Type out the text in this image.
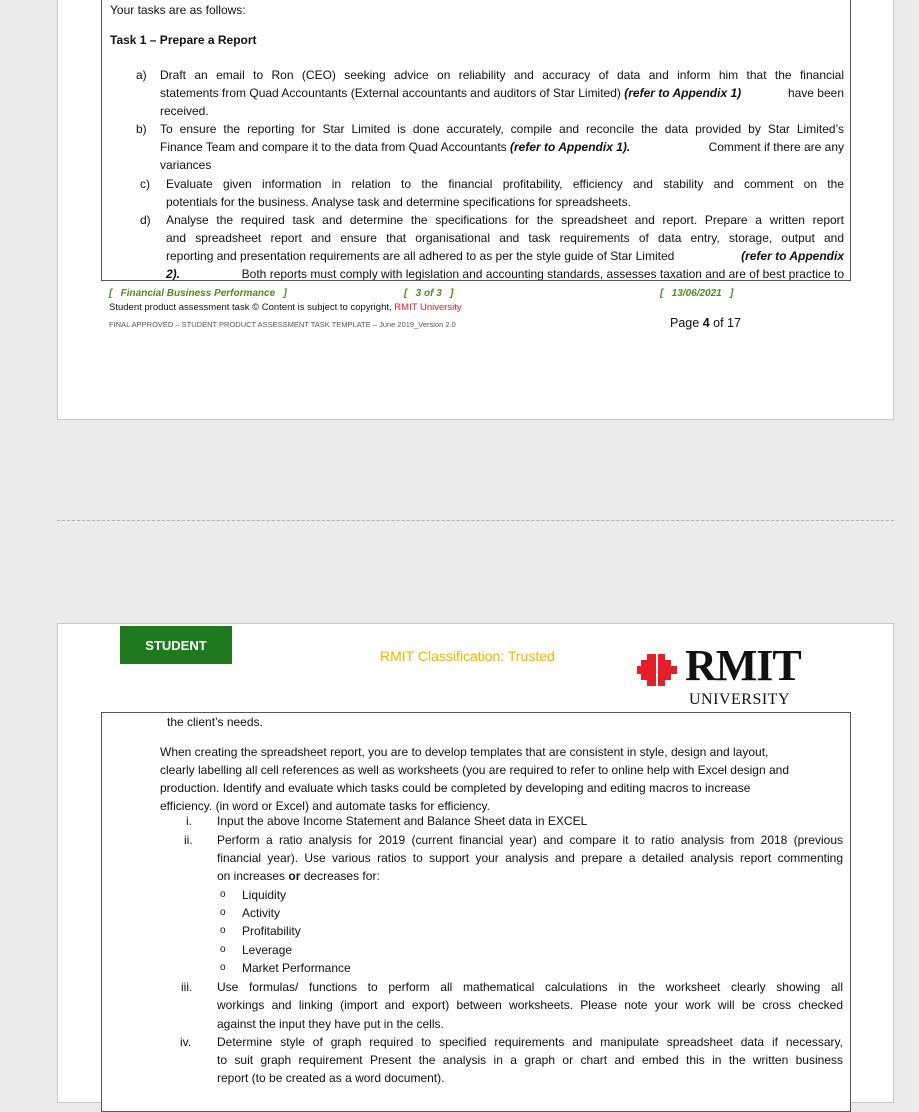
Your tasks are as follows:
Task 1 – Prepare a Report
a) Draft an email to Ron (CEO) seeking advice on reliability and accuracy of data and inform him that the financial
statements from Quad Accountants (External accountants and auditors of Star Limited) (refer to Appendix 1)	have been
received.
b) To ensure the reporting for Star Limited is done accurately, compile and reconcile the data provided by Star Limited’s
Finance Team and compare it to the data from Quad Accountants (refer to Appendix 1).	Comment if there are any
variances
c) Evaluate given information in relation to the financial profitability, efficiency and stability and comment on the
potentials for the business. Analyse task and determine specifications for spreadsheets.
d) Analyse the required task and determine the specifications for the spreadsheet and report. Prepare a written report
and spreadsheet report and ensure that organisational and task requirements of data entry, storage, output and
reporting and presentation requirements are all adhered to as per the style guide of Star Limited	(refer to Appendix
2).	Both reports must comply with legislation and accounting standards, assesses taxation and are of best practice to
[   Financial Business Performance   ]	[   3 of 3   ]	[   13/06/2021   ]
Student product assessment task © Content is subject to copyright, RMIT University
FINAL APPROVED – STUDENT PRODUCT ASSESSMENT TASK TEMPLATE – June 2019_Version 2.0	Page 4 of 17
STUDENT
RMIT Classification: Trusted	RMIT
UNIVERSITY
the client’s needs.
When creating the spreadsheet report, you are to develop templates that are consistent in style, design and layout,
clearly labelling all cell references as well as worksheets (you are required to refer to online help with Excel design and
production. Identify and evaluate which tasks could be completed by developing and editing macros to increase
efficiency. (in word or Excel) and automate tasks for efficiency.
i. Input the above Income Statement and Balance Sheet data in EXCEL
ii. Perform a ratio analysis for 2019 (current financial year) and compare it to ratio analysis from 2018 (previous
financial year). Use various ratios to support your analysis and prepare a detailed analysis report commenting
on increases or decreases for:
o Liquidity
o Activity
o Profitability
o Leverage
o Market Performance
iii. Use formulas/ functions to perform all mathematical calculations in the worksheet clearly showing all
workings and linking (import and export) between worksheets. Please note your work will be cross checked
against the input they have put in the cells.
iv. Determine style of graph required to specified requirements and manipulate spreadsheet data if necessary,
to suit graph requirement Present the analysis in a graph or chart and embed this in the written business
report (to be created as a word document).
